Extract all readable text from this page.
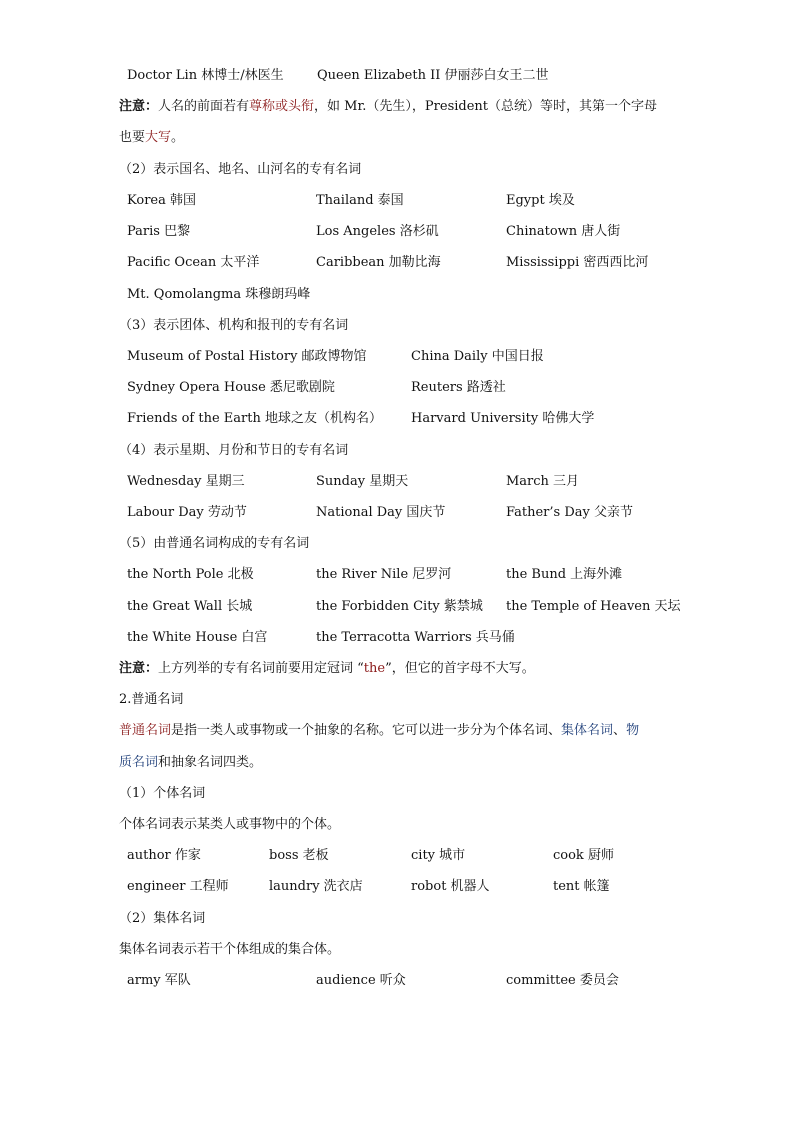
Doctor Lin 林博士/林医生	Queen Elizabeth II 伊丽莎白女王二世
注意：人名的前面若有尊称或头衔，如 Mr.（先生），President（总统）等时，其第一个字母
也要大写。
（2）表示国名、地名、山河名的专有名词
Korea 韩国	Thailand 泰国	Egypt 埃及
Paris 巴黎	Los Angeles 洛杉矶	Chinatown 唐人街
Pacific Ocean 太平洋	Caribbean 加勒比海	Mississippi 密西西比河
Mt. Qomolangma 珠穆朗玛峰
（3）表示团体、机构和报刊的专有名词
Museum of Postal History 邮政博物馆	China Daily 中国日报
Sydney Opera House 悉尼歌剧院	Reuters 路透社
Friends of the Earth 地球之友（机构名） Harvard University 哈佛大学
（4）表示星期、月份和节日的专有名词
Wednesday 星期三	Sunday 星期天	March 三月
Labour Day 劳动节	National Day 国庆节	Father’s Day 父亲节
（5）由普通名词构成的专有名词
the North Pole 北极	the River Nile 尼罗河	the Bund 上海外滩
the Great Wall 长城	the Forbidden City 紫禁城 the Temple of Heaven 天坛
the White House 白宫	the Terracotta Warriors 兵马俑
注意：上方列举的专有名词前要用定冠词 “the”，但它的首字母不大写。
2.普通名词
普通名词是指一类人或事物或一个抽象的名称。它可以进一步分为个体名词、集体名词、物
质名词和抽象名词四类。
（1）个体名词
个体名词表示某类人或事物中的个体。
author 作家	boss 老板	city 城市	cook 厨师
engineer 工程师	laundry 洗衣店	robot 机器人	tent 帐篷
（2）集体名词
集体名词表示若干个体组成的集合体。
army 军队	audience 听众	committee 委员会
